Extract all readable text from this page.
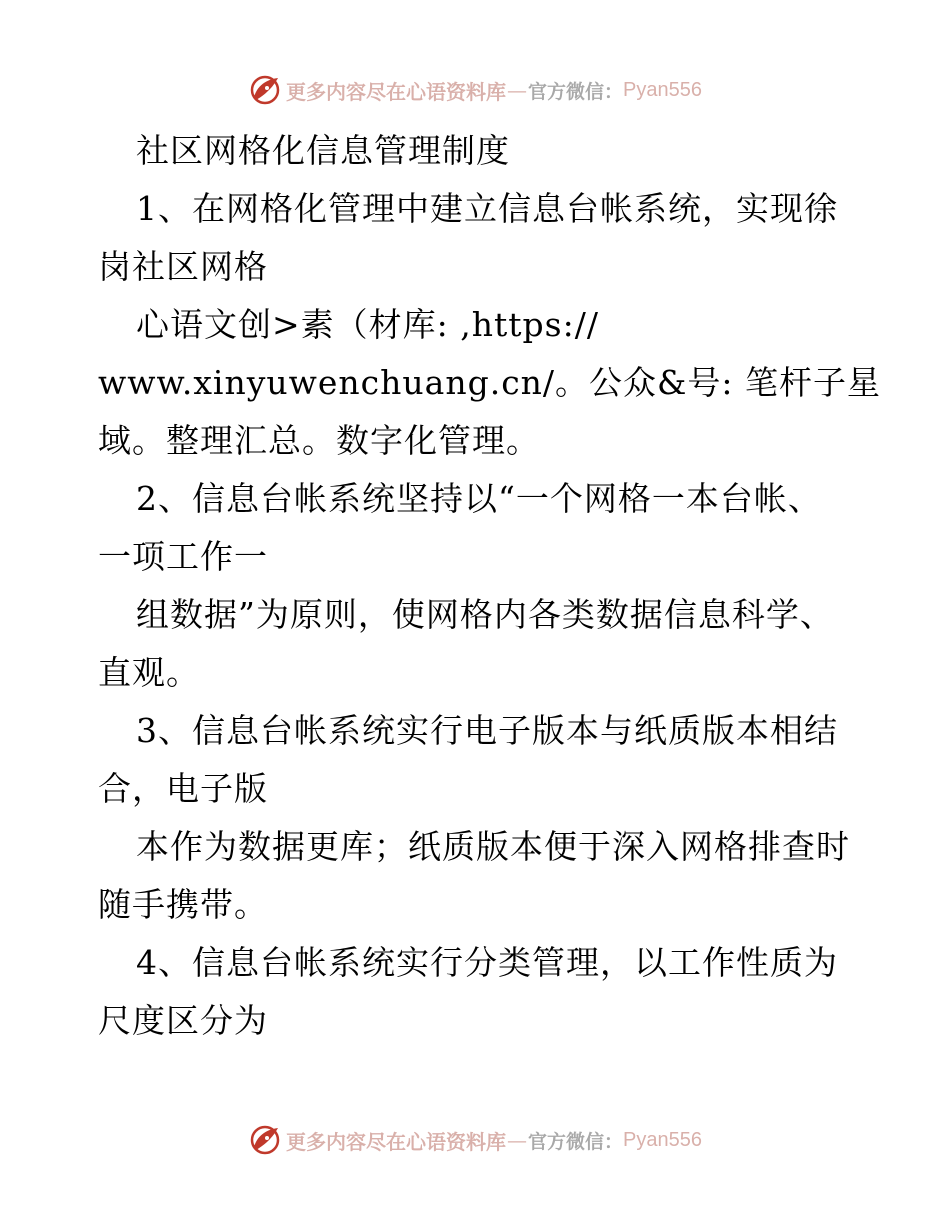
更多内容尽在心语资料库 — 官方微信： Pyan556
社区网格化信息管理制度
1、在网格化管理中建立信息台帐系统，实现徐
岗社区网格
心语文创>素（材库: ,https://
www.xinyuwenchuang.cn/。公众&号: 笔杆子星
域。整理汇总。数字化管理。
2、信息台帐系统坚持以“一个网格一本台帐、
一项工作一
组数据”为原则，使网格内各类数据信息科学、
直观。
3、信息台帐系统实行电子版本与纸质版本相结
合，电子版
本作为数据更库；纸质版本便于深入网格排查时
随手携带。
4、信息台帐系统实行分类管理，以工作性质为
尺度区分为
更多内容尽在心语资料库 — 官方微信： Pyan556
